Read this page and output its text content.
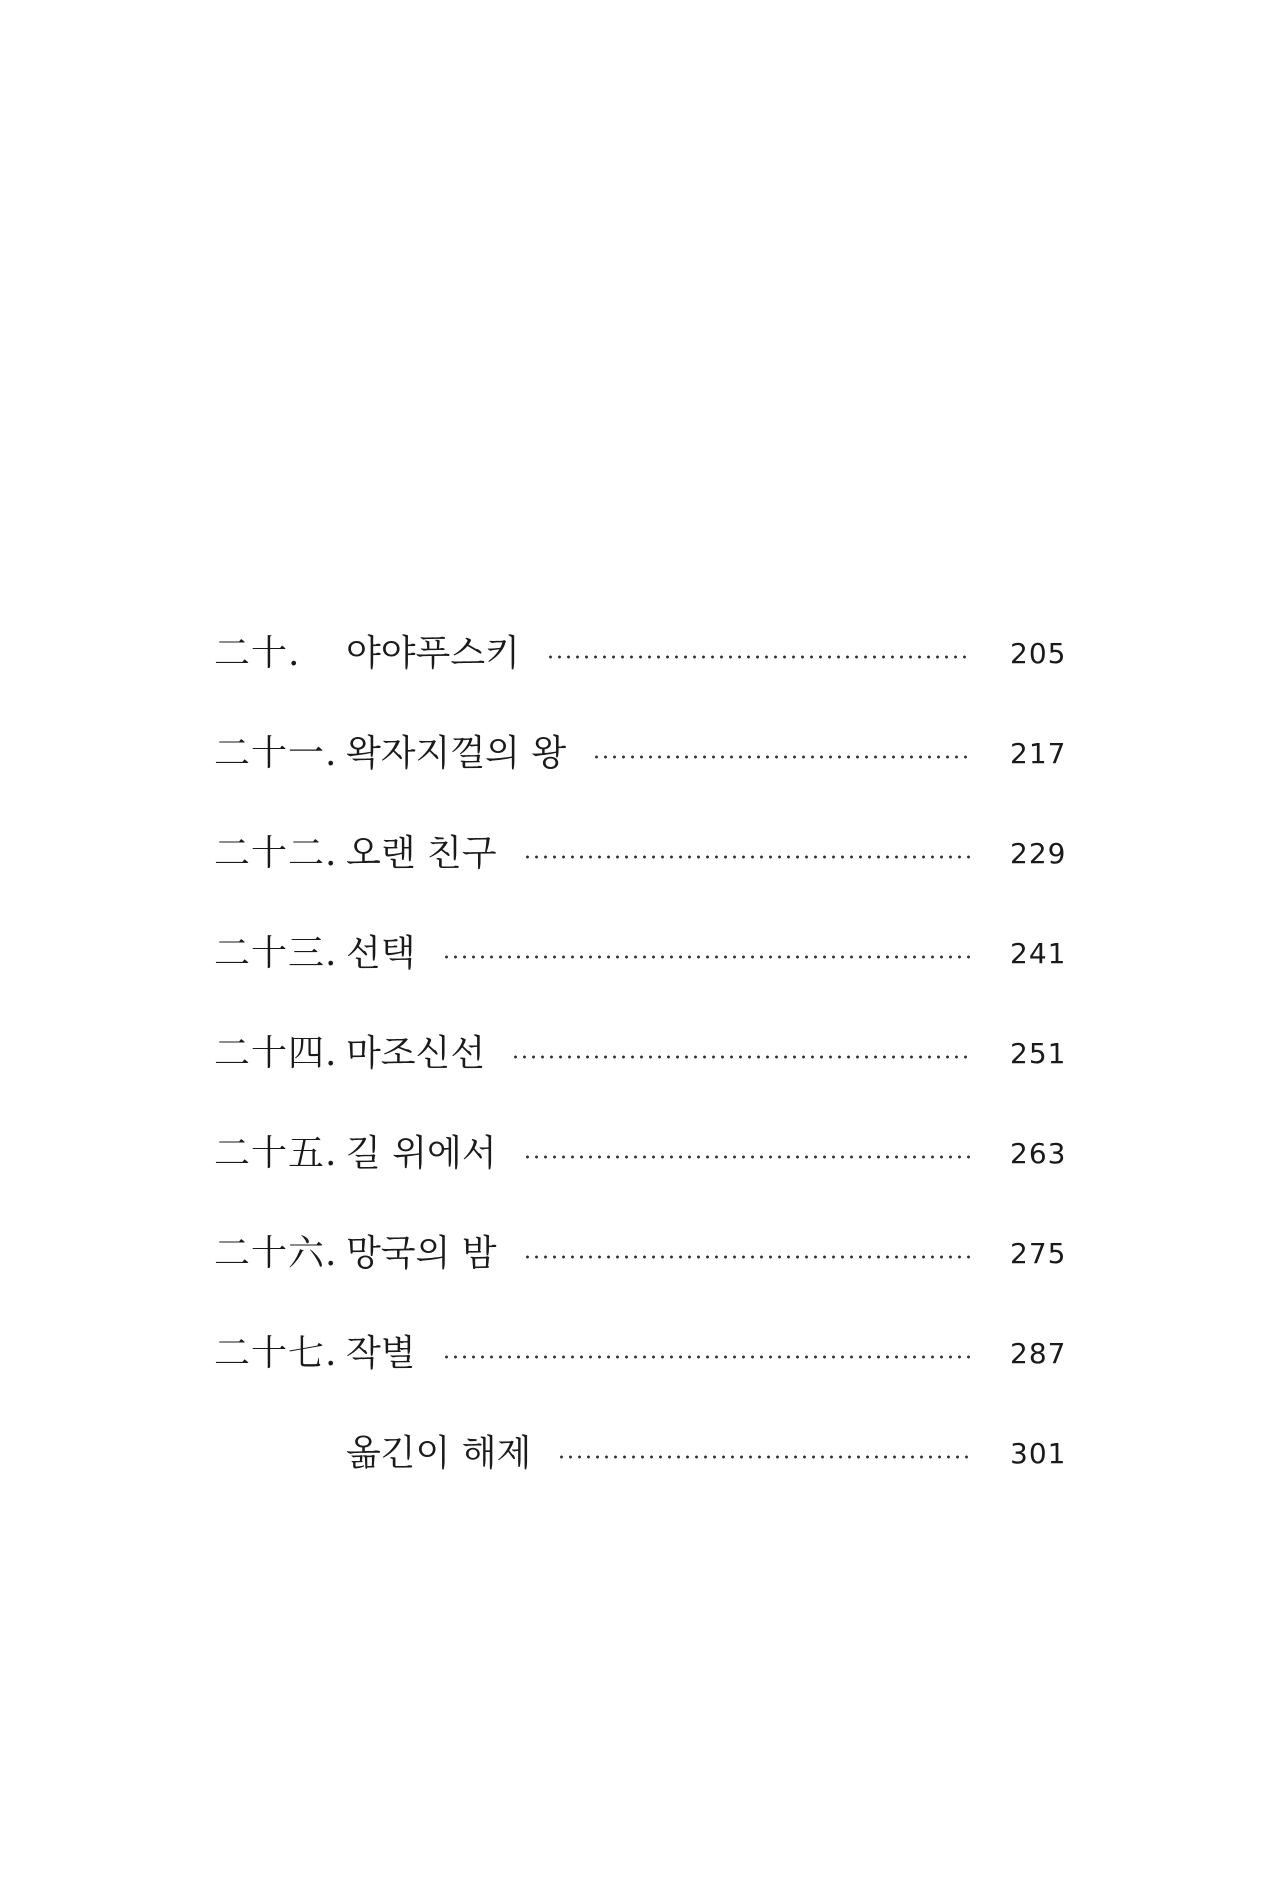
二十. 야야푸스키	205
二十一. 왁자지껄의 왕	217
二十二. 오랜 친구	229
二十三. 선택	241
二十四. 마조신선	251
二十五. 길 위에서	263
二十六. 망국의 밤	275
二十七. 작별	287
옮긴이 해제	301
